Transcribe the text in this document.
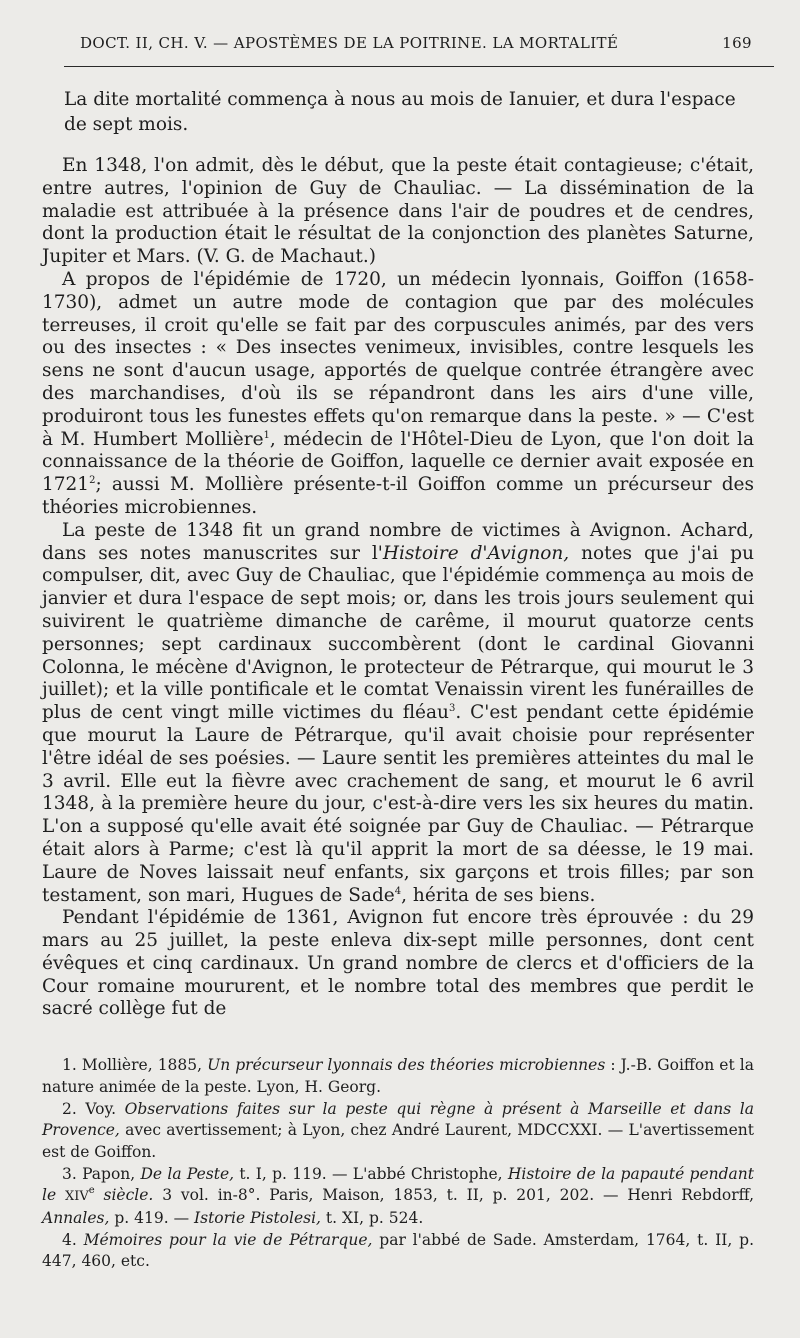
DOCT. II, CH. V. — APOSTÈMES DE LA POITRINE. LA MORTALITÉ	169

La dite mortalité commença à nous au mois de Ianuier, et dura l'espace de sept mois.

En 1348, l'on admit, dès le début, que la peste était contagieuse; c'était, entre autres, l'opinion de Guy de Chauliac. — La dissémination de la maladie est attribuée à la présence dans l'air de poudres et de cendres, dont la production était le résultat de la conjonction des planètes Saturne, Jupiter et Mars. (V. G. de Machaut.)

A propos de l'épidémie de 1720, un médecin lyonnais, Goiffon (1658-1730), admet un autre mode de contagion que par des molécules terreuses, il croit qu'elle se fait par des corpuscules animés, par des vers ou des insectes : « Des insectes venimeux, invisibles, contre lesquels les sens ne sont d'aucun usage, apportés de quelque contrée étrangère avec des marchandises, d'où ils se répandront dans les airs d'une ville, produiront tous les funestes effets qu'on remarque dans la peste. » — C'est à M. Humbert Mollière$^1$, médecin de l'Hôtel-Dieu de Lyon, que l'on doit la connaissance de la théorie de Goiffon, laquelle ce dernier avait exposée en 1721$^2$; aussi M. Mollière présente-t-il Goiffon comme un précurseur des théories microbiennes.

La peste de 1348 fit un grand nombre de victimes à Avignon. Achard, dans ses notes manuscrites sur l'Histoire d'Avignon, notes que j'ai pu compulser, dit, avec Guy de Chauliac, que l'épidémie commença au mois de janvier et dura l'espace de sept mois; or, dans les trois jours seulement qui suivirent le quatrième dimanche de carême, il mourut quatorze cents personnes; sept cardinaux succombèrent (dont le cardinal Giovanni Colonna, le mécène d'Avignon, le protecteur de Pétrarque, qui mourut le 3 juillet); et la ville pontificale et le comtat Venaissin virent les funérailles de plus de cent vingt mille victimes du fléau$^3$. C'est pendant cette épidémie que mourut la Laure de Pétrarque, qu'il avait choisie pour représenter l'être idéal de ses poésies. — Laure sentit les premières atteintes du mal le 3 avril. Elle eut la fièvre avec crachement de sang, et mourut le 6 avril 1348, à la première heure du jour, c'est-à-dire vers les six heures du matin. L'on a supposé qu'elle avait été soignée par Guy de Chauliac. — Pétrarque était alors à Parme; c'est là qu'il apprit la mort de sa déesse, le 19 mai. Laure de Noves laissait neuf enfants, six garçons et trois filles; par son testament, son mari, Hugues de Sade$^4$, hérita de ses biens.

Pendant l'épidémie de 1361, Avignon fut encore très éprouvée : du 29 mars au 25 juillet, la peste enleva dix-sept mille personnes, dont cent évêques et cinq cardinaux. Un grand nombre de clercs et d'officiers de la Cour romaine moururent, et le nombre total des membres que perdit le sacré collège fut de

1. Mollière, 1885, Un précurseur lyonnais des théories microbiennes : J.-B. Goiffon et la nature animée de la peste. Lyon, H. Georg.

2. Voy. Observations faites sur la peste qui règne à présent à Marseille et dans la Provence, avec avertissement; à Lyon, chez André Laurent, MDCCXXI. — L'avertissement est de Goiffon.

3. Papon, De la Peste, t. I, p. 119. — L'abbé Christophe, Histoire de la papauté pendant le XIVe siècle. 3 vol. in-8°. Paris, Maison, 1853, t. II, p. 201, 202. — Henri Rebdorff, Annales, p. 419. — Istorie Pistolesi, t. XI, p. 524.

4. Mémoires pour la vie de Pétrarque, par l'abbé de Sade. Amsterdam, 1764, t. II, p. 447, 460, etc.
